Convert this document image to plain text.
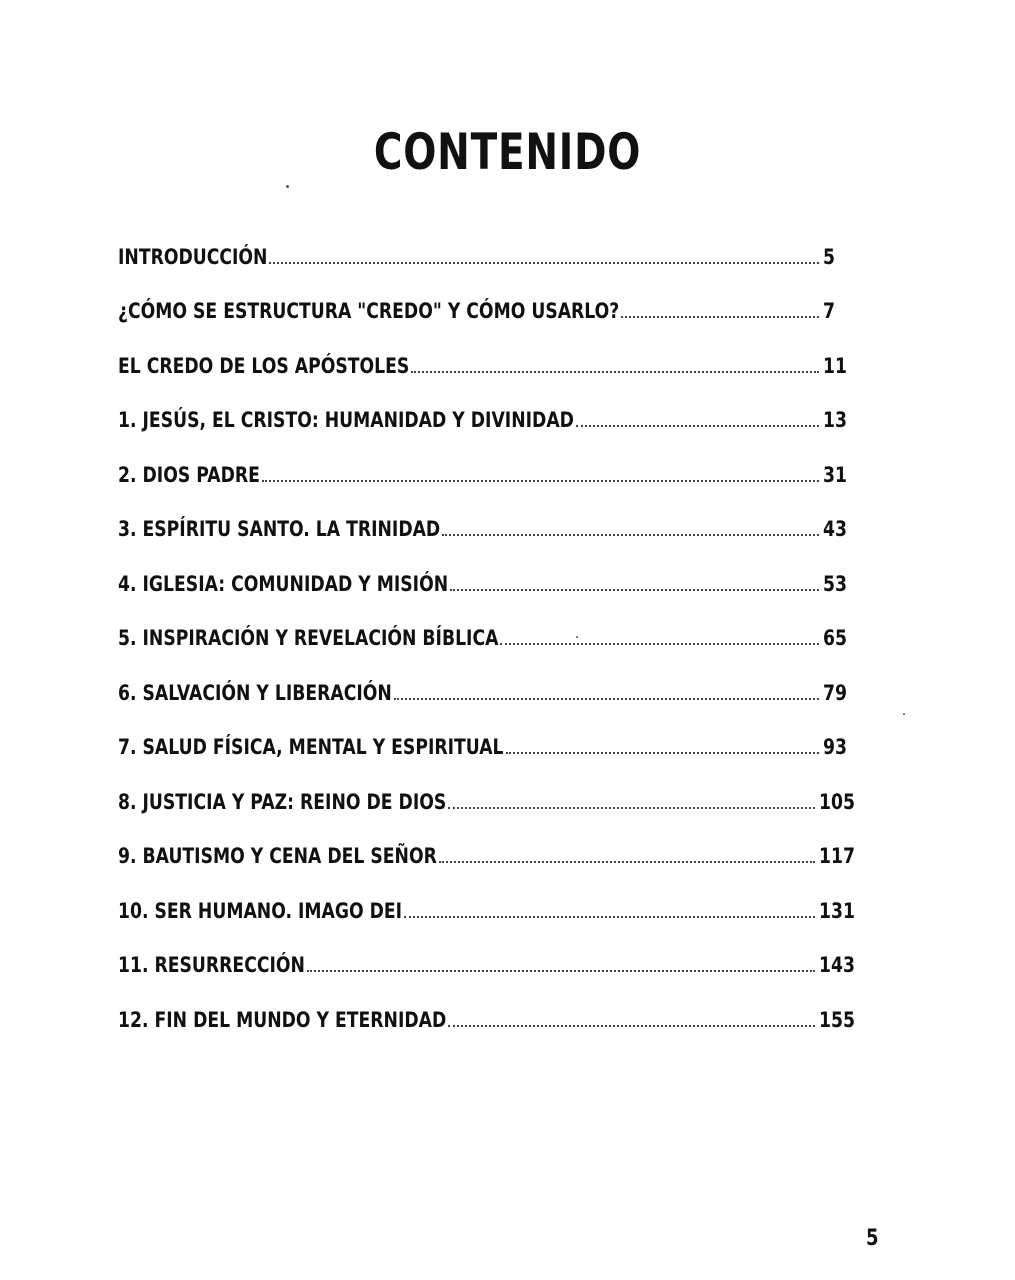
CONTENIDO
INTRODUCCIÓN	5
¿CÓMO SE ESTRUCTURA "CREDO" Y CÓMO USARLO?	7
EL CREDO DE LOS APÓSTOLES	11
1. JESÚS, EL CRISTO: HUMANIDAD Y DIVINIDAD	13
2. DIOS PADRE	31
3. ESPÍRITU SANTO. LA TRINIDAD	43
4. IGLESIA: COMUNIDAD Y MISIÓN	53
5. INSPIRACIÓN Y REVELACIÓN BÍBLICA	65
6. SALVACIÓN Y LIBERACIÓN	79
7. SALUD FÍSICA, MENTAL Y ESPIRITUAL	93
8. JUSTICIA Y PAZ: REINO DE DIOS	105
9. BAUTISMO Y CENA DEL SEÑOR	117
10. SER HUMANO. IMAGO DEI	131
11. RESURRECCIÓN	143
12. FIN DEL MUNDO Y ETERNIDAD	155
5
